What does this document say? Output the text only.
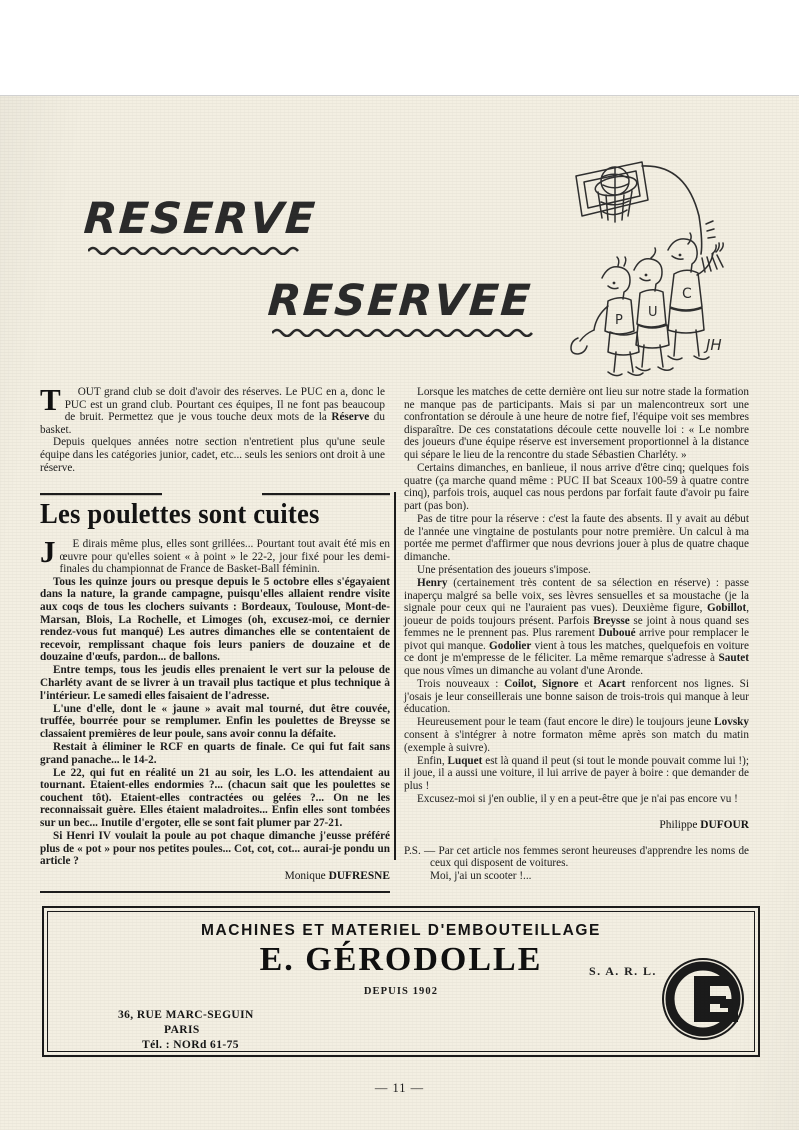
RESERVE
RESERVEE	C
U
P
JH
T	OUT grand club se doit d'avoir des réserves. Le PUC en a, donc le PUC est un grand club. Pourtant ces équipes, Il ne font pas beaucoup de bruit. Permettez que je vous touche deux mots de la Réserve du basket.

Depuis quelques années notre section n'entretient plus qu'une seule équipe dans les catégories junior, cadet, etc... seuls les seniors ont droit à une réserve.

Les poulettes sont cuites
J	E dirais même plus, elles sont grillées... Pourtant tout avait été mis en œuvre pour qu'elles soient « à point » le 22-2, jour fixé pour les demi-finales du championnat de France de Basket-Ball féminin.

Tous les quinze jours ou presque depuis le 5 octobre elles s'égayaient dans la nature, la grande campagne, puisqu'elles allaient rendre visite aux coqs de tous les clochers suivants : Bordeaux, Toulouse, Mont-de-Marsan, Blois, La Rochelle, et Limoges (oh, excusez-moi, ce dernier rendez-vous fut manqué) Les autres dimanches elle se contentaient de recevoir, remplissant chaque fois leurs paniers de douzaine et de douzaine d'œufs, pardon... de ballons.

Entre temps, tous les jeudis elles prenaient le vert sur la pelouse de Charléty avant de se livrer à un travail plus tactique et plus technique à l'intérieur. Le samedi elles faisaient de l'adresse.

L'une d'elle, dont le « jaune » avait mal tourné, dut être couvée, truffée, bourrée pour se remplumer. Enfin les poulettes de Breysse se classaient premières de leur poule, sans avoir connu la défaite.

Restait à éliminer le RCF en quarts de finale. Ce qui fut fait sans grand panache... le 14-2.

Le 22, qui fut en réalité un 21 au soir, les L.O. les attendaient au tournant. Etaient-elles endormies ?... (chacun sait que les poulettes se couchent tôt). Etaient-elles contractées ou gelées ?... On ne les reconnaissait guère. Elles étaient maladroites... Enfin elles sont tombées sur un bec... Inutile d'ergoter, elle se sont fait plumer par 27-21.

Si Henri IV voulait la poule au pot chaque dimanche j'eusse préféré plus de « pot » pour nos petites poules... Cot, cot, cot... aurai-je pondu un article ?

Monique DUFRESNE

Lorsque les matches de cette dernière ont lieu sur notre stade la formation ne manque pas de participants. Mais si par un malencontreux sort une confrontation se déroule à une heure de notre fief, l'équipe voit ses membres disparaître. De ces constatations découle cette nouvelle loi : « Le nombre des joueurs d'une équipe réserve est inversement proportionnel à la distance qui sépare le lieu de la rencontre du stade Sébastien Charléty. »

Certains dimanches, en banlieue, il nous arrive d'être cinq; quelques fois quatre (ça marche quand même : PUC II bat Sceaux 100-59 à quatre contre cinq), parfois trois, auquel cas nous perdons par forfait faute d'avoir pu faire part (pas bon).

Pas de titre pour la réserve : c'est la faute des absents. Il y avait au début de l'année une vingtaine de postulants pour notre première. Un calcul à ma portée me permet d'affirmer que nous devrions jouer à plus de quatre chaque dimanche.

Une présentation des joueurs s'impose.

Henry (certainement très content de sa sélection en réserve) : passe inaperçu malgré sa belle voix, ses lèvres sensuelles et sa moustache (je la signale pour ceux qui ne l'auraient pas vues). Deuxième figure, Gobillot, joueur de poids toujours présent. Parfois Breysse se joint à nous quand ses femmes ne le prennent pas. Plus rarement Duboué arrive pour remplacer le pivot qui manque. Godolier vient à tous les matches, quelquefois en voiture ce dont je m'empresse de le féliciter. La même remarque s'adresse à Sautet que nous vîmes un dimanche au volant d'une Aronde.

Trois nouveaux : Coilot, Signore et Acart renforcent nos lignes. Si j'osais je leur conseillerais une bonne saison de trois-trois qui manque à leur éducation.

Heureusement pour le team (faut encore le dire) le toujours jeune Lovsky consent à s'intégrer à notre formaton même après son match du matin (exemple à suivre).

Enfin, Luquet est là quand il peut (si tout le monde pouvait comme lui !); il joue, il a aussi une voiture, il lui arrive de payer à boire : que demander de plus !

Excusez-moi si j'en oublie, il y en a peut-être que je n'ai pas encore vu !

Philippe DUFOUR
P.S. — Par cet article nos femmes seront heureuses d'apprendre les noms de ceux qui disposent de voitures.
Moi, j'ai un scooter !...
MACHINES ET MATERIEL D'EMBOUTEILLAGE
E. GÉRODOLLE	S. A. R. L.
DEPUIS 1902
36, RUE MARC-SEGUIN
PARIS
Tél. : NORd 61-75
— 11 —
